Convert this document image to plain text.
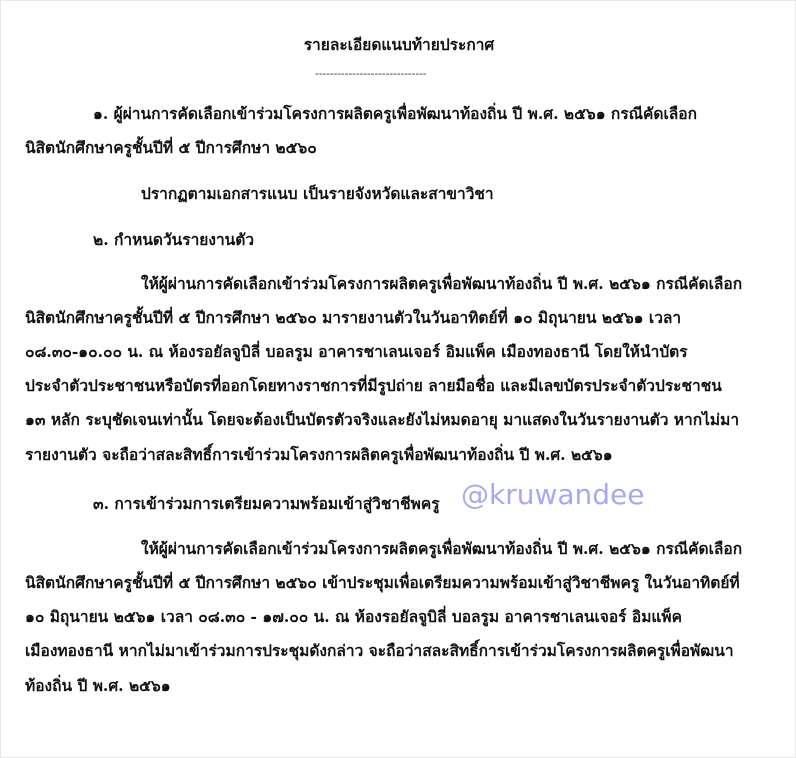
รายละเอียดแนบท้ายประกาศ
------------------------------
๑. ผู้ผ่านการคัดเลือกเข้าร่วมโครงการผลิตครูเพื่อพัฒนาท้องถิ่น ปี พ.ศ. ๒๕๖๑ กรณีคัดเลือก
นิสิตนักศึกษาครูชั้นปีที่ ๕ ปีการศึกษา ๒๕๖๐
ปรากฏตามเอกสารแนบ เป็นรายจังหวัดและสาขาวิชา
๒. กำหนดวันรายงานตัว
ให้ผู้ผ่านการคัดเลือกเข้าร่วมโครงการผลิตครูเพื่อพัฒนาท้องถิ่น ปี พ.ศ. ๒๕๖๑ กรณีคัดเลือก
นิสิตนักศึกษาครูชั้นปีที่ ๕ ปีการศึกษา ๒๕๖๐ มารายงานตัวในวันอาทิตย์ที่ ๑๐ มิถุนายน ๒๕๖๑ เวลา
๐๘.๓๐-๑๐.๐๐ น. ณ ห้องรอยัลจูบิลี่ บอลรูม อาคารชาเลนเจอร์ อิมแพ็ค เมืองทองธานี โดยให้นำบัตร
ประจำตัวประชาชนหรือบัตรที่ออกโดยทางราชการที่มีรูปถ่าย ลายมือชื่อ และมีเลขบัตรประจำตัวประชาชน
๑๓ หลัก ระบุชัดเจนเท่านั้น โดยจะต้องเป็นบัตรตัวจริงและยังไม่หมดอายุ มาแสดงในวันรายงานตัว หากไม่มา
รายงานตัว จะถือว่าสละสิทธิ์การเข้าร่วมโครงการผลิตครูเพื่อพัฒนาท้องถิ่น ปี พ.ศ. ๒๕๖๑
๓. การเข้าร่วมการเตรียมความพร้อมเข้าสู่วิชาชีพครู
ให้ผู้ผ่านการคัดเลือกเข้าร่วมโครงการผลิตครูเพื่อพัฒนาท้องถิ่น ปี พ.ศ. ๒๕๖๑ กรณีคัดเลือก
นิสิตนักศึกษาครูชั้นปีที่ ๕ ปีการศึกษา ๒๕๖๐ เข้าประชุมเพื่อเตรียมความพร้อมเข้าสู่วิชาชีพครู ในวันอาทิตย์ที่
๑๐ มิถุนายน ๒๕๖๑ เวลา ๐๘.๓๐ - ๑๗.๐๐ น. ณ ห้องรอยัลจูบิลี่ บอลรูม อาคารชาเลนเจอร์ อิมแพ็ค
เมืองทองธานี หากไม่มาเข้าร่วมการประชุมดังกล่าว จะถือว่าสละสิทธิ์การเข้าร่วมโครงการผลิตครูเพื่อพัฒนา
ท้องถิ่น ปี พ.ศ. ๒๕๖๑
@kruwandee
